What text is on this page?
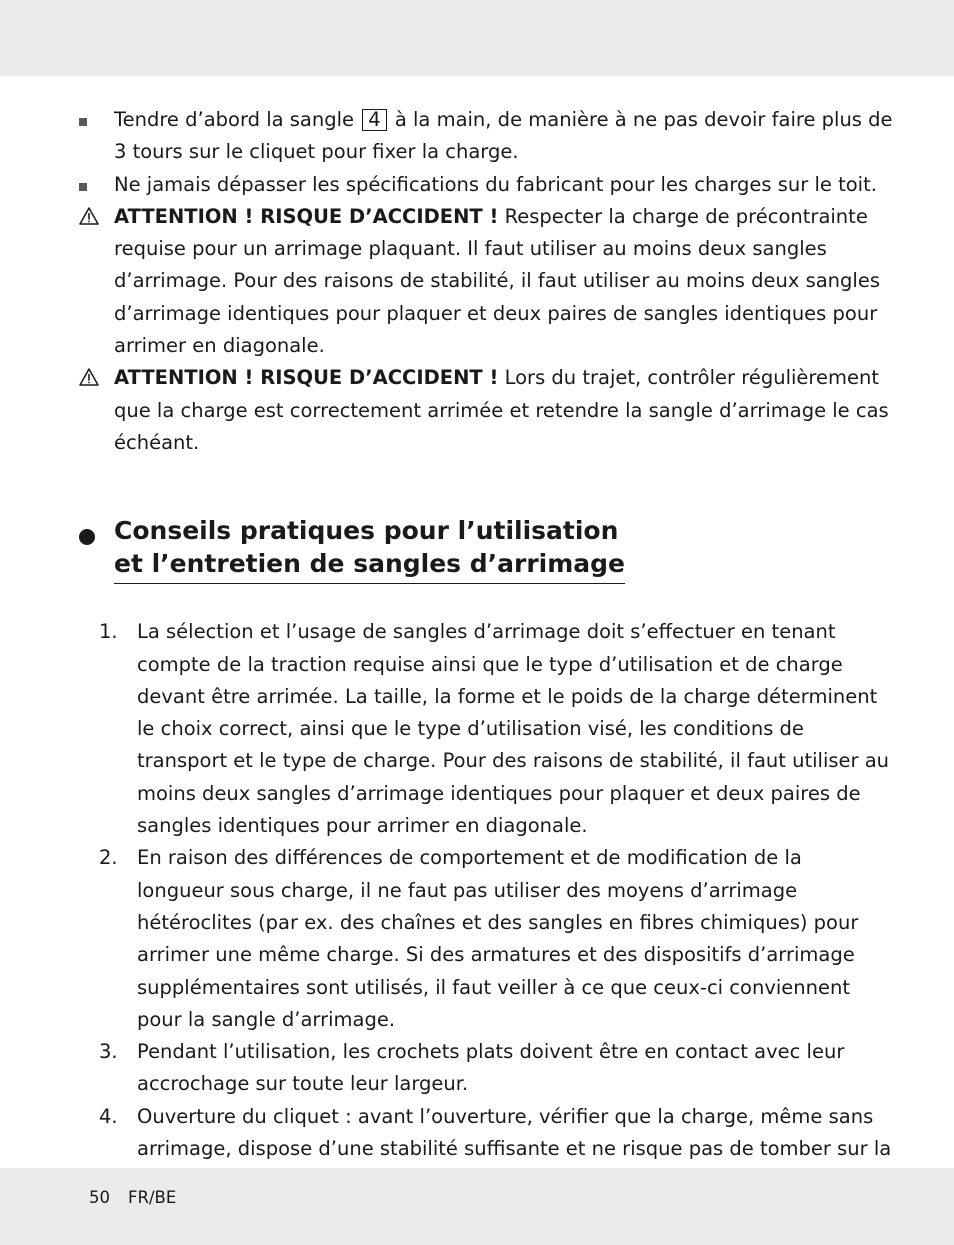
Tendre d’abord la sangle 4 à la main, de manière à ne pas devoir faire plus de 3 tours sur le cliquet pour fixer la charge.
Ne jamais dépasser les spécifications du fabricant pour les charges sur le toit.
ATTENTION ! RISQUE D’ACCIDENT ! Respecter la charge de précontrainte requise pour un arrimage plaquant. Il faut utiliser au moins deux sangles d’arrimage. Pour des raisons de stabilité, il faut utiliser au moins deux sangles d’arrimage identiques pour plaquer et deux paires de sangles identiques pour arrimer en diagonale.
ATTENTION ! RISQUE D’ACCIDENT ! Lors du trajet, contrôler régulièrement que la charge est correctement arrimée et retendre la sangle d’arrimage le cas échéant.
Conseils pratiques pour l’utilisation
et l’entretien de sangles d’arrimage
1. La sélection et l’usage de sangles d’arrimage doit s’effectuer en tenant compte de la traction requise ainsi que le type d’utilisation et de charge devant être arrimée. La taille, la forme et le poids de la charge déterminent le choix correct, ainsi que le type d’utilisation visé, les conditions de transport et le type de charge. Pour des raisons de stabilité, il faut utiliser au moins deux sangles d’arrimage identiques pour plaquer et deux paires de sangles identiques pour arrimer en diagonale.
2. En raison des différences de comportement et de modification de la longueur sous charge, il ne faut pas utiliser des moyens d’arrimage hétéroclites (par ex. des chaînes et des sangles en fibres chimiques) pour arrimer une même charge. Si des armatures et des dispositifs d’arrimage supplémentaires sont utilisés, il faut veiller à ce que ceux-ci conviennent pour la sangle d’arrimage.
3. Pendant l’utilisation, les crochets plats doivent être en contact avec leur accrochage sur toute leur largeur.
4. Ouverture du cliquet : avant l’ouverture, vérifier que la charge, même sans arrimage, dispose d’une stabilité suffisante et ne risque pas de tomber sur la
50 FR/BE
